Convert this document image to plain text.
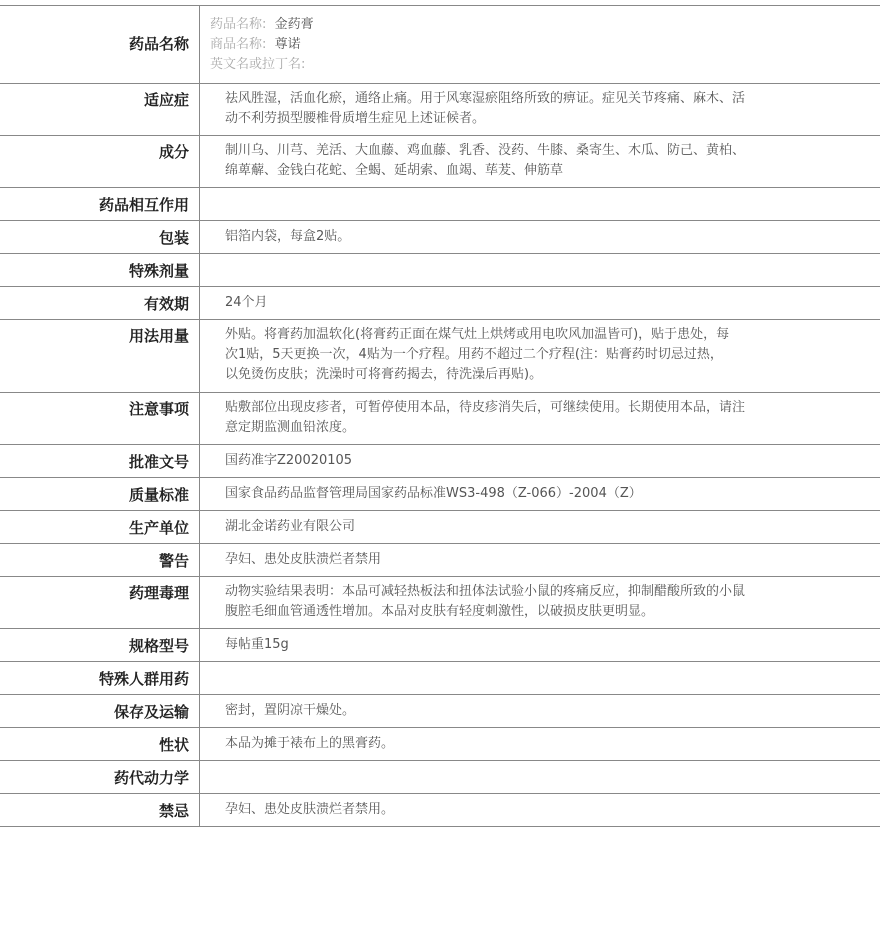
药品名称
药品名称: 金药膏
商品名称: 尊诺
英文名或拉丁名:
适应症	祛风胜湿，活血化瘀，通络止痛。用于风寒湿瘀阻络所致的痹证。症见关节疼痛、麻木、活
动不利劳损型腰椎骨质增生症见上述证候者。
成分	制川乌、川芎、羌活、大血藤、鸡血藤、乳香、没药、牛膝、桑寄生、木瓜、防己、黄柏、
绵萆薢、金钱白花蛇、全蝎、延胡索、血竭、荜茇、伸筋草
药品相互作用
包装	铝箔内袋，每盒2贴。
特殊剂量
有效期	24个月
用法用量	外贴。将膏药加温软化(将膏药正面在煤气灶上烘烤或用电吹风加温皆可)，贴于患处，每
次1贴，5天更换一次，4贴为一个疗程。用药不超过二个疗程(注：贴膏药时切忌过热，
以免烫伤皮肤；洗澡时可将膏药揭去，待洗澡后再贴)。
注意事项	贴敷部位出现皮疹者，可暂停使用本品，待皮疹消失后，可继续使用。长期使用本品，请注
意定期监测血铅浓度。
批准文号	国药准字Z20020105
质量标准	国家食品药品监督管理局国家药品标准WS3-498（Z-066）-2004（Z）
生产单位	湖北金诺药业有限公司
警告	孕妇、患处皮肤溃烂者禁用
药理毒理	动物实验结果表明：本品可减轻热板法和扭体法试验小鼠的疼痛反应，抑制醋酸所致的小鼠
腹腔毛细血管通透性增加。本品对皮肤有轻度刺激性，以破损皮肤更明显。
规格型号	每帖重15g
特殊人群用药
保存及运输	密封，置阴凉干燥处。
性状	本品为摊于裱布上的黑膏药。
药代动力学
禁忌	孕妇、患处皮肤溃烂者禁用。
